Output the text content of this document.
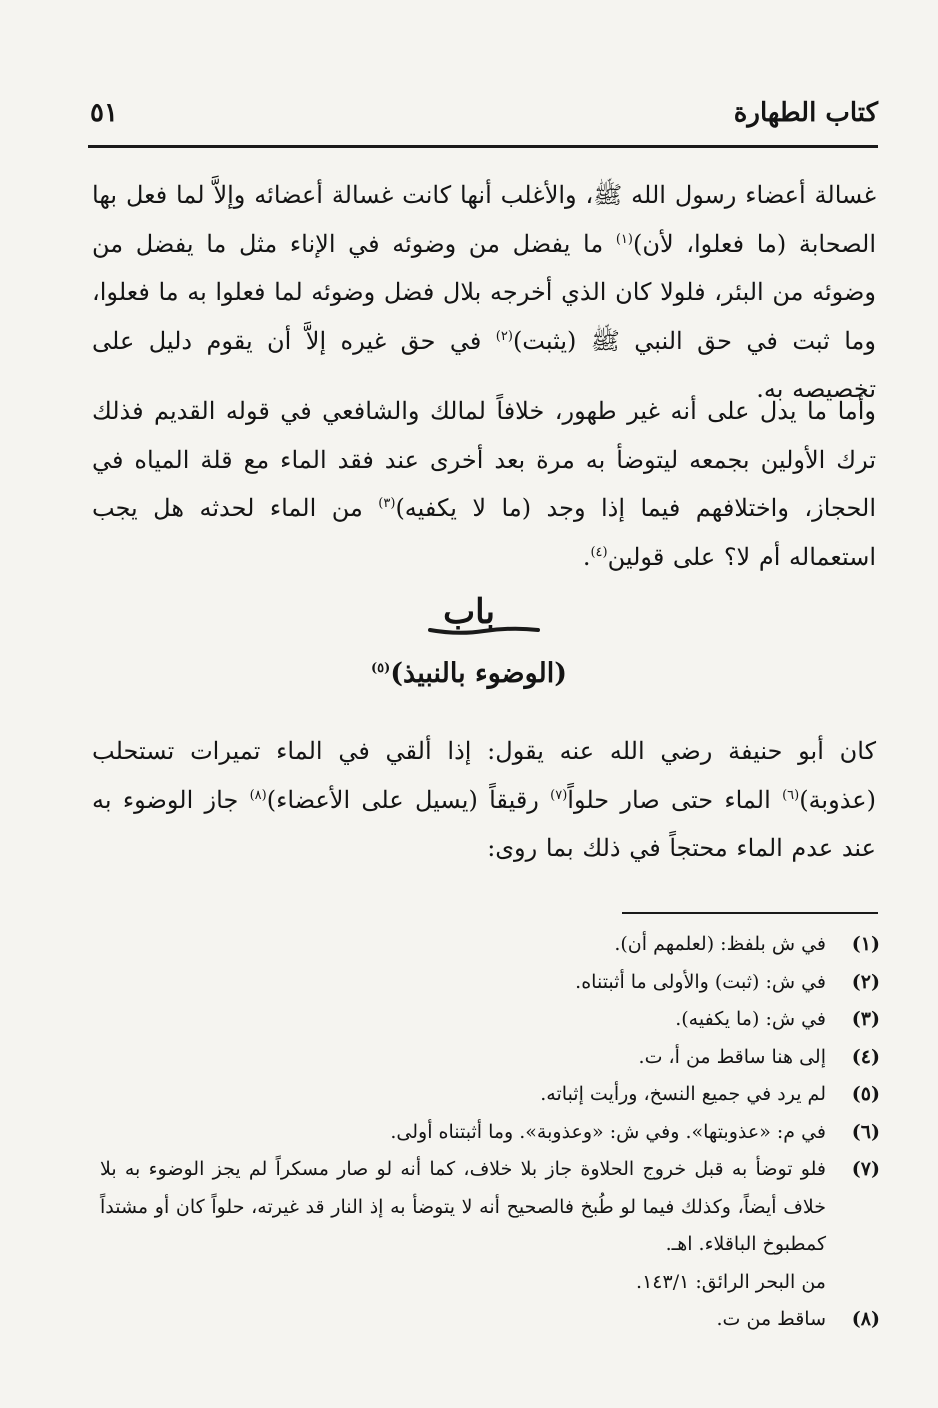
كتاب الطهارة
٥١
غسالة أعضاء رسول الله ﷺ، والأغلب أنها كانت غسالة أعضائه وإلاَّ لما فعل بها الصحابة (ما فعلوا، لأن)$^{(١)}$ ما يفضل من وضوئه في الإناء مثل ما يفضل من وضوئه من البئر، فلولا كان الذي أخرجه بلال فضل وضوئه لما فعلوا به ما فعلوا، وما ثبت في حق النبي ﷺ (يثبت)$^{(٢)}$ في حق غيره إلاَّ أن يقوم دليل على تخصيصه به.
وأما ما يدل على أنه غير طهور، خلافاً لمالك والشافعي في قوله القديم فذلك ترك الأولين بجمعه ليتوضأ به مرة بعد أخرى عند فقد الماء مع قلة المياه في الحجاز، واختلافهم فيما إذا وجد (ما لا يكفيه)$^{(٣)}$ من الماء لحدثه هل يجب استعماله أم لا؟ على قولين$^{(٤)}$.
باب
(الوضوء بالنبيذ)$^{(٥)}$
كان أبو حنيفة رضي الله عنه يقول: إذا ألقي في الماء تميرات تستحلب (عذوبة)$^{(٦)}$ الماء حتى صار حلواً$^{(٧)}$ رقيقاً (يسيل على الأعضاء)$^{(٨)}$ جاز الوضوء به عند عدم الماء محتجاً في ذلك بما روى:
(١)
في ش بلفظ: (لعلمهم أن).
(٢)
في ش: (ثبت) والأولى ما أثبتناه.
(٣)
في ش: (ما يكفيه).
(٤)
إلى هنا ساقط من أ، ت.
(٥)
لم يرد في جميع النسخ، ورأيت إثباته.
(٦)
في م: «عذوبتها». وفي ش: «وعذوبة». وما أثبتناه أولى.
(٧)
فلو توضأ به قبل خروج الحلاوة جاز بلا خلاف، كما أنه لو صار مسكراً لم يجز الوضوء به بلا خلاف أيضاً، وكذلك فيما لو طُبخ فالصحيح أنه لا يتوضأ به إذ النار قد غيرته، حلواً كان أو مشتداً كمطبوخ الباقلاء. اهـ.
من البحر الرائق: ١٤٣/١.
(٨)
ساقط من ت.
